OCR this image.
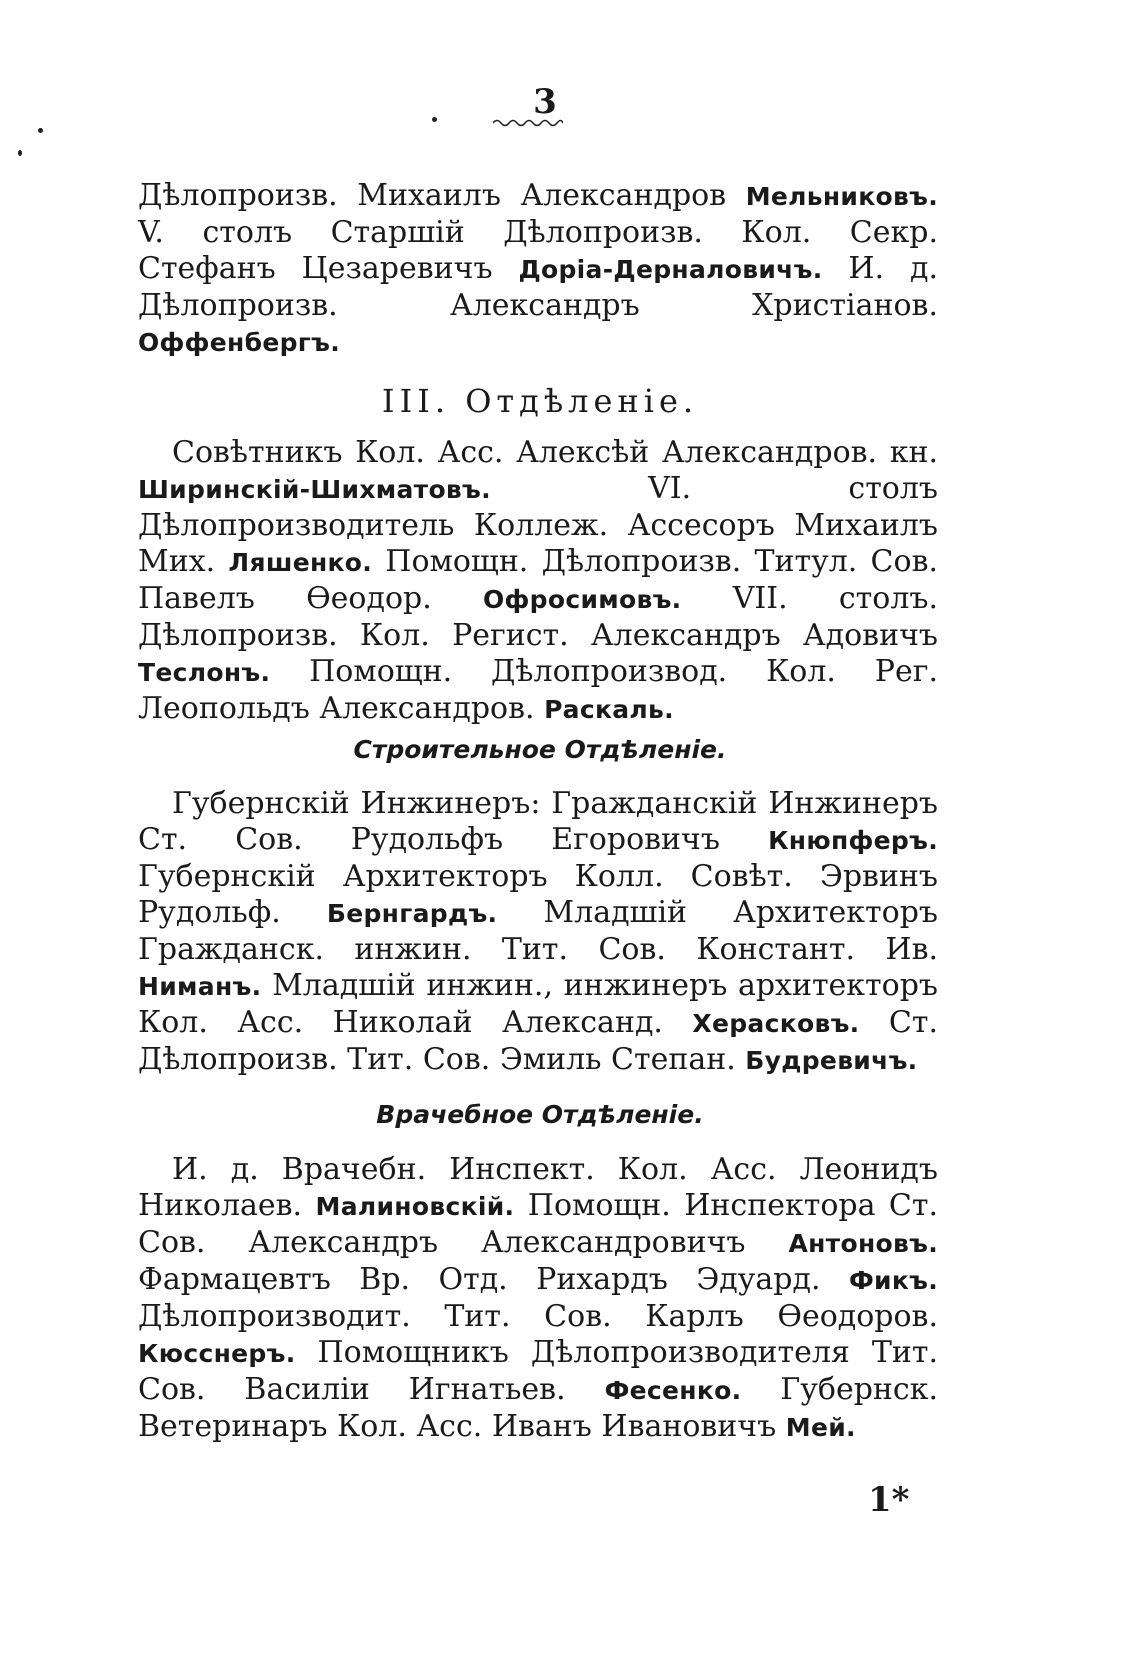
3

Дѣлопроизв. Михаилъ Александров Мельниковъ. V. столъ Старшій Дѣлопроизв. Кол. Секр. Стефанъ Цезаревичъ Доріа-Дерналовичъ. И. д. Дѣлопроизв. Александръ Христіанов. Оффенбергъ.

III. Отдѣленіе.

Совѣтникъ Кол. Асс. Алексѣй Александров. кн. Ширинскій-Шихматовъ. VI. столъ Дѣлопроизводитель Коллеж. Ассесоръ Михаилъ Мих. Ляшенко. Помощн. Дѣлопроизв. Титул. Сов. Павелъ Ѳеодор. Офросимовъ. VII. столъ. Дѣлопроизв. Кол. Регист. Александръ Адовичъ Теслонъ. Помощн. Дѣлопроизвод. Кол. Рег. Леопольдъ Александров. Раскаль.

Строительное Отдѣленіе.

Губернскій Инжинеръ: Гражданскій Инжинеръ Ст. Сов. Рудольфъ Егоровичъ Кнюпферъ. Губернскій Архитекторъ Колл. Совѣт. Эрвинъ Рудольф. Бернгардъ. Младшій Архитекторъ Гражданск. инжин. Тит. Сов. Констант. Ив. Ниманъ. Младшій инжин., инжинеръ архитекторъ Кол. Асс. Николай Александ. Херасковъ. Ст. Дѣлопроизв. Тит. Сов. Эмиль Степан. Будревичъ.

Врачебное Отдѣленіе.

И. д. Врачебн. Инспект. Кол. Асс. Леонидъ Николаев. Малиновскій. Помощн. Инспектора Ст. Сов. Александръ Александровичъ Антоновъ. Фармацевтъ Вр. Отд. Рихардъ Эдуард. Фикъ. Дѣлопроизводит. Тит. Сов. Карлъ Ѳеодоров. Кюсснеръ. Помощникъ Дѣлопроизводителя Тит. Сов. Василіи Игнатьев. Фесенко. Губернск. Ветеринаръ Кол. Асс. Иванъ Ивановичъ Мей.

1*
